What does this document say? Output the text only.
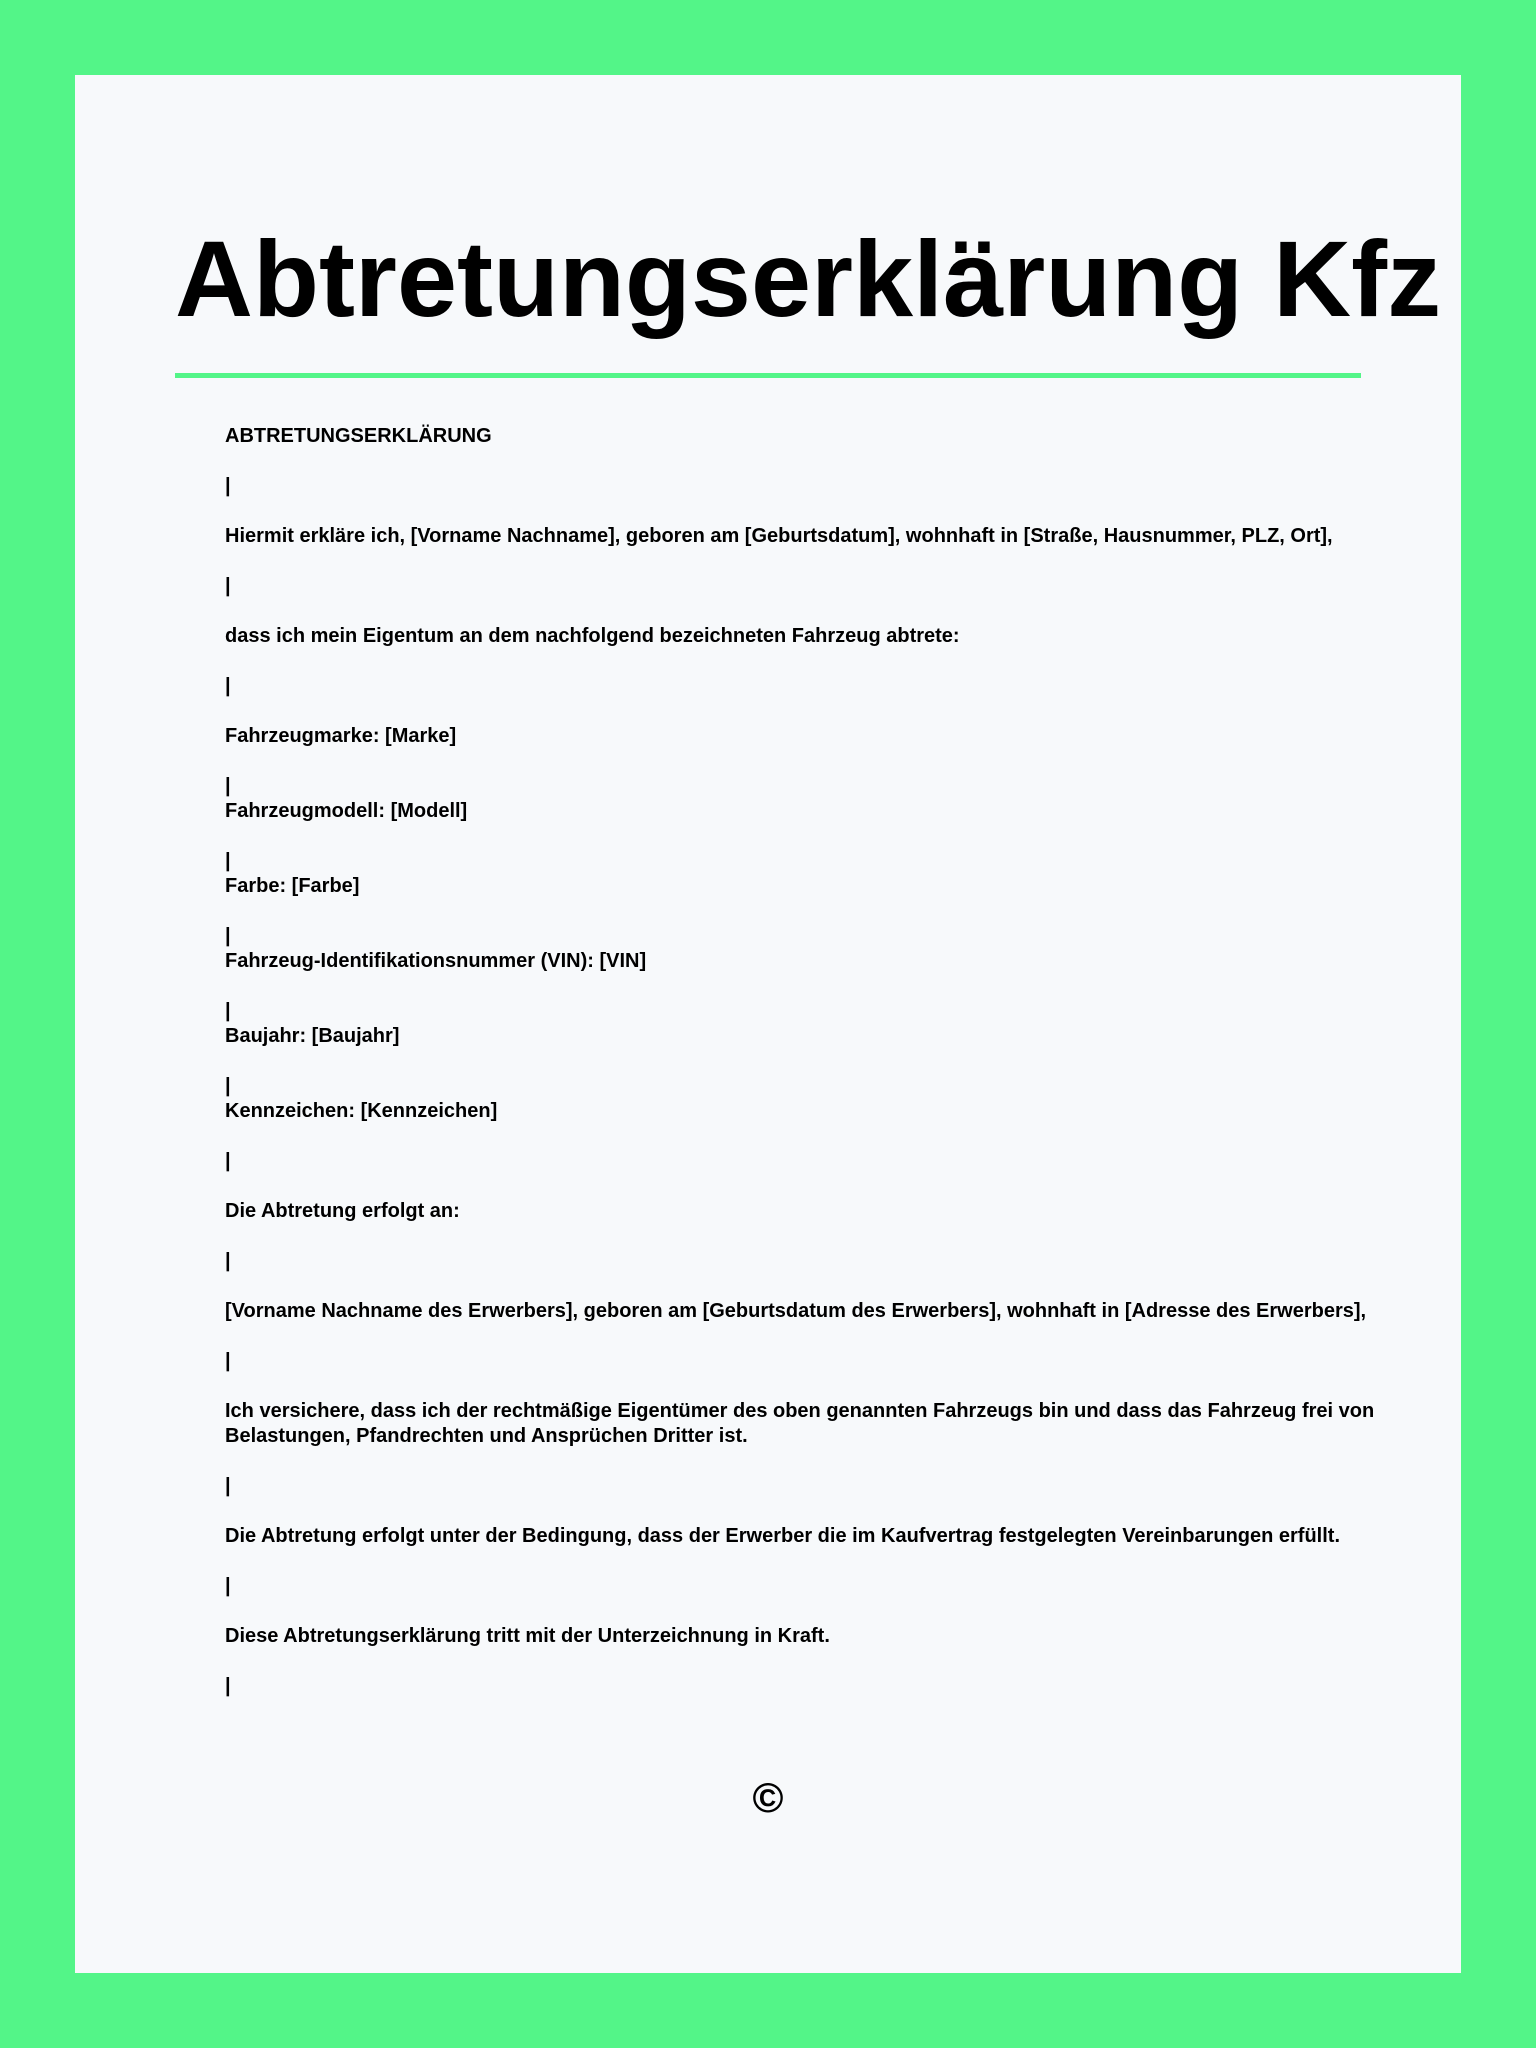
Abtretungserklärung Kfz

ABTRETUNGSERKLÄRUNG

|

Hiermit erkläre ich, [Vorname Nachname], geboren am [Geburtsdatum], wohnhaft in [Straße, Hausnummer, PLZ, Ort],

|

dass ich mein Eigentum an dem nachfolgend bezeichneten Fahrzeug abtrete:

|

Fahrzeugmarke: [Marke]

|

Fahrzeugmodell: [Modell]

|

Farbe: [Farbe]

|

Fahrzeug-Identifikationsnummer (VIN): [VIN]

|

Baujahr: [Baujahr]

|

Kennzeichen: [Kennzeichen]

|

Die Abtretung erfolgt an:

|

[Vorname Nachname des Erwerbers], geboren am [Geburtsdatum des Erwerbers], wohnhaft in [Adresse des Erwerbers],

|

Ich versichere, dass ich der rechtmäßige Eigentümer des oben genannten Fahrzeugs bin und dass das Fahrzeug frei von Belastungen, Pfandrechten und Ansprüchen Dritter ist.

|

Die Abtretung erfolgt unter der Bedingung, dass der Erwerber die im Kaufvertrag festgelegten Vereinbarungen erfüllt.

|

Diese Abtretungserklärung tritt mit der Unterzeichnung in Kraft.

|

©
